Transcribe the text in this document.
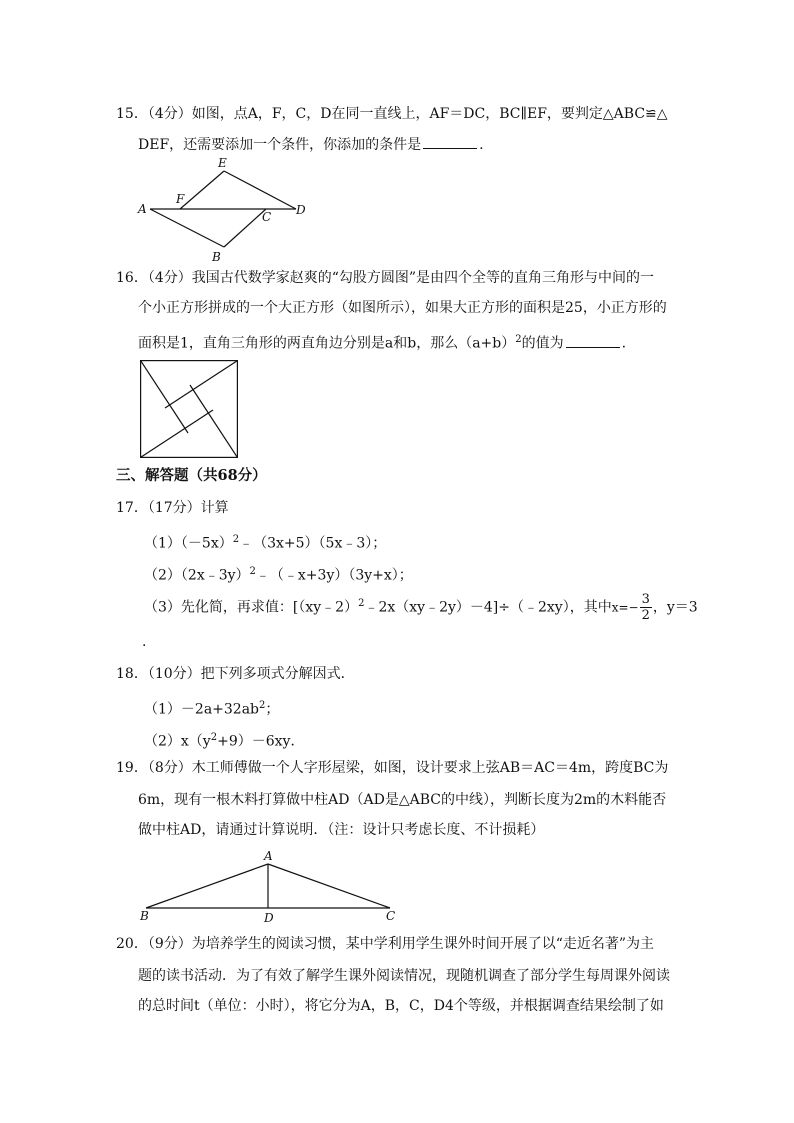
15．（4分）如图，点A，F，C，D在同一直线上，AF＝DC，BC∥EF，要判定△ABC≌△
DEF，还需要添加一个条件，你添加的条件是	.
E
A
F
C D
B
16．（4分）我国古代数学家赵爽的“勾股方圆图”是由四个全等的直角三角形与中间的一
个小正方形拼成的一个大正方形（如图所示），如果大正方形的面积是25，小正方形的
面积是1，直角三角形的两直角边分别是a和b，那么$(a+b)^2$的值为	.
三、解答题（共68分）
17．（17分）计算
$(1)(-5x)^2﹣(3x+5)(5x﹣3)$；
（2）（2x﹣3y）$^2$﹣（﹣x+3y）（3y+x）；
（3）先化简，再求值：[（xy﹣2）$^2$﹣2x（xy﹣2y）－4]÷（﹣2xy），其中$x=- \frac{3}{2}$ ，y＝3
.
18．（10分）把下列多项式分解因式．
$(1)-2a+32ab^2$；
$(2)x(y^2+9)-6xy$．
19．（8分）木工师傅做一个人字形屋梁，如图，设计要求上弦AB＝AC＝4m，跨度BC为
6m，现有一根木料打算做中柱AD（AD是△ABC的中线），判断长度为2m的木料能否
做中柱AD，请通过计算说明．（注：设计只考虑长度、不计损耗）
A
B	D	C
20．（9分）为培养学生的阅读习惯，某中学利用学生课外时间开展了以“走近名著”为主
题的读书活动．为了有效了解学生课外阅读情况，现随机调查了部分学生每周课外阅读
的总时间t（单位：小时），将它分为A，B，C，D4个等级，并根据调查结果绘制了如
